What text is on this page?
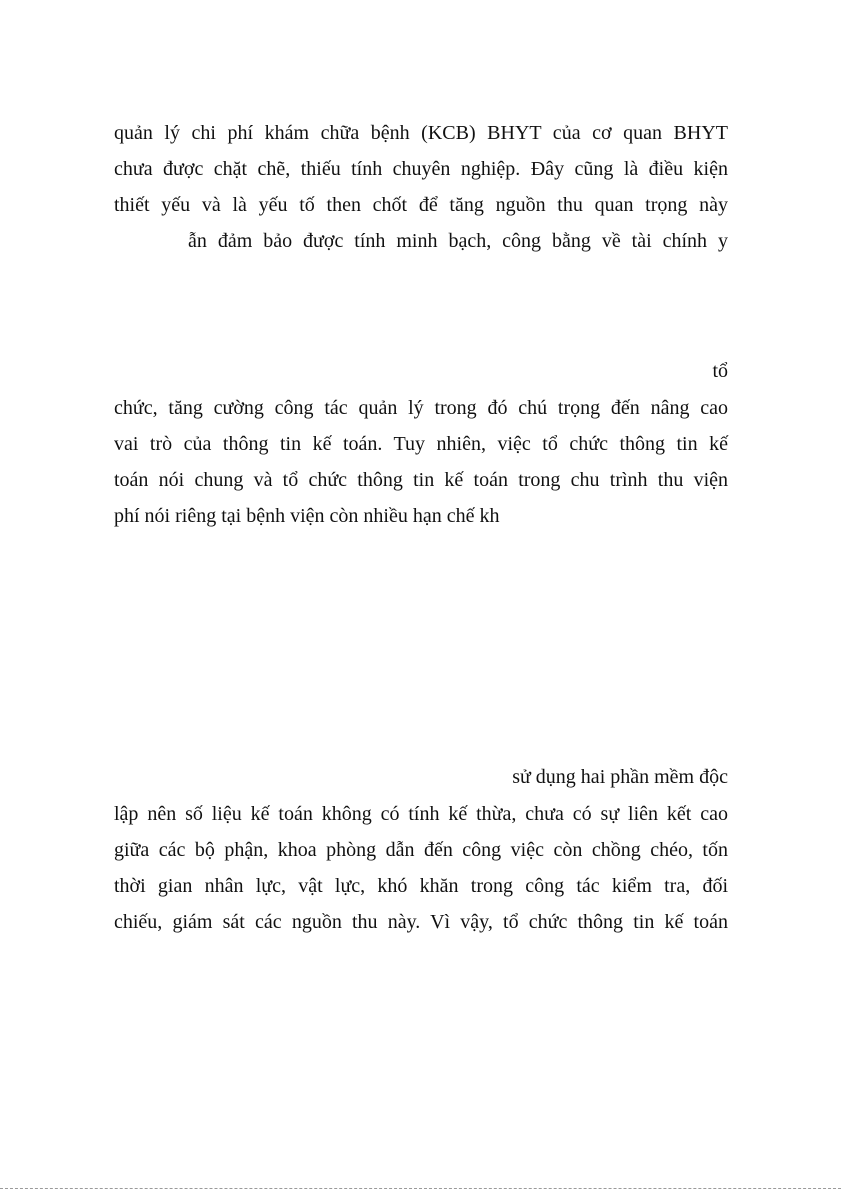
quản lý chi phí khám chữa bệnh (KCB) BHYT của cơ quan BHYT
chưa được chặt chẽ, thiếu tính chuyên nghiệp. Đây cũng là điều kiện
thiết yếu và là yếu tố then chốt để tăng nguồn thu quan trọng này
ẫn đảm bảo được tính minh bạch, công bằng về tài chính y
tổ
chức, tăng cường công tác quản lý trong đó chú trọng đến nâng cao
vai trò của thông tin kế toán. Tuy nhiên, việc tổ chức thông tin kế
toán nói chung và tổ chức thông tin kế toán trong chu trình thu viện
phí nói riêng tại bệnh viện còn nhiều hạn chế kh
sử dụng hai phần mềm độc
lập nên số liệu kế toán không có tính kế thừa, chưa có sự liên kết cao
giữa các bộ phận, khoa phòng dẫn đến công việc còn chồng chéo, tốn
thời gian nhân lực, vật lực, khó khăn trong công tác kiểm tra, đối
chiếu, giám sát các nguồn thu này. Vì vậy, tổ chức thông tin kế toán
